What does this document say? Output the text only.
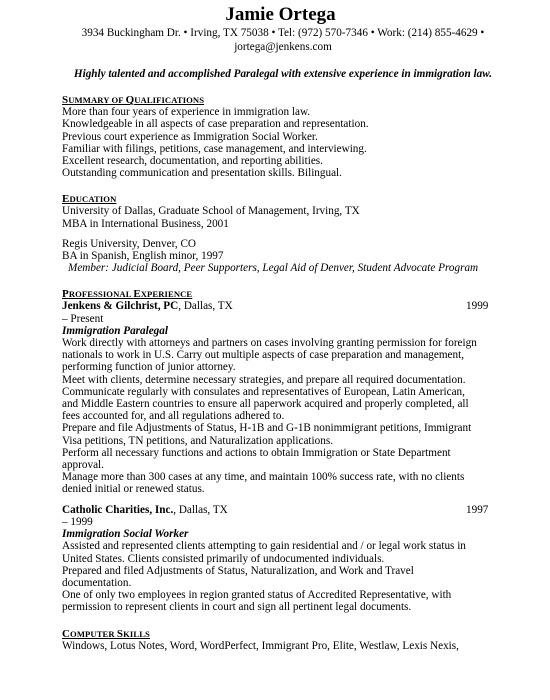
Jamie Ortega
3934 Buckingham Dr. • Irving, TX 75038 • Tel: (972) 570-7346 • Work: (214) 855-4629 •
jortega@jenkens.com
Highly talented and accomplished Paralegal with extensive experience in immigration law.
SUMMARY OF QUALIFICATIONS
More than four years of experience in immigration law.
Knowledgeable in all aspects of case preparation and representation.
Previous court experience as Immigration Social Worker.
Familiar with filings, petitions, case management, and interviewing.
Excellent research, documentation, and reporting abilities.
Outstanding communication and presentation skills. Bilingual.
EDUCATION
University of Dallas, Graduate School of Management, Irving, TX
MBA in International Business, 2001
Regis University, Denver, CO
BA in Spanish, English minor, 1997
Member: Judicial Board, Peer Supporters, Legal Aid of Denver, Student Advocate Program
PROFESSIONAL EXPERIENCE
Jenkens & Gilchrist, PC, Dallas, TX	1999
– Present
Immigration Paralegal
Work directly with attorneys and partners on cases involving granting permission for foreign
nationals to work in U.S. Carry out multiple aspects of case preparation and management,
performing function of junior attorney.
Meet with clients, determine necessary strategies, and prepare all required documentation.
Communicate regularly with consulates and representatives of European, Latin American,
and Middle Eastern countries to ensure all paperwork acquired and properly completed, all
fees accounted for, and all regulations adhered to.
Prepare and file Adjustments of Status, H-1B and G-1B nonimmigrant petitions, Immigrant
Visa petitions, TN petitions, and Naturalization applications.
Perform all necessary functions and actions to obtain Immigration or State Department
approval.
Manage more than 300 cases at any time, and maintain 100% success rate, with no clients
denied initial or renewed status.
Catholic Charities, Inc., Dallas, TX	1997
– 1999
Immigration Social Worker
Assisted and represented clients attempting to gain residential and / or legal work status in
United States. Clients consisted primarily of undocumented individuals.
Prepared and filed Adjustments of Status, Naturalization, and Work and Travel
documentation.
One of only two employees in region granted status of Accredited Representative, with
permission to represent clients in court and sign all pertinent legal documents.
COMPUTER SKILLS
Windows, Lotus Notes, Word, WordPerfect, Immigrant Pro, Elite, Westlaw, Lexis Nexis,
